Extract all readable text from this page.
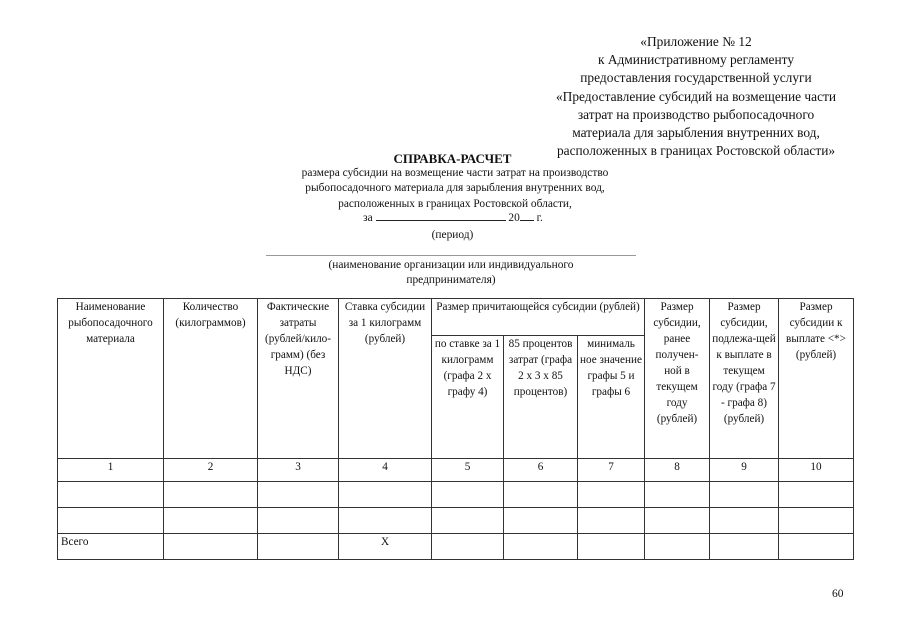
«Приложение № 12
к Административному регламенту
предоставления государственной услуги
«Предоставление субсидий на возмещение части
затрат на производство рыбопосадочного
материала для зарыбления внутренних вод,
расположенных в границах Ростовской области»
СПРАВКА-РАСЧЕТ
размера субсидии на возмещение части затрат на производство
рыбопосадочного материала для зарыбления внутренних вод,
расположенных в границах Ростовской области,
за	20 г.
(период)
(наименование организации или индивидуального
предпринимателя)
Наименование рыбопосадочного материала	Количество (килограммов)	Фактические затраты (рублей/кило-грамм) (без НДС)	Ставка субсидии за 1 килограмм (рублей)	Размер причитающейся субсидии (рублей)			Размер субсидии, ранее получен-ной в текущем году (рублей)	Размер субсидии, подлежа-щей к выплате в текущем году (графа 7 - графа 8) (рублей)	Размер субсидии к выплате <*> (рублей)
				по ставке за 1 килограмм (графа 2 х графу 4)	85 процентов затрат (графа 2 х 3 х 85 процентов)	минималь ное значение графы 5 и графы 6			
1	2	3	4	5	6	7	8	9	10

Всего			Х						
60
